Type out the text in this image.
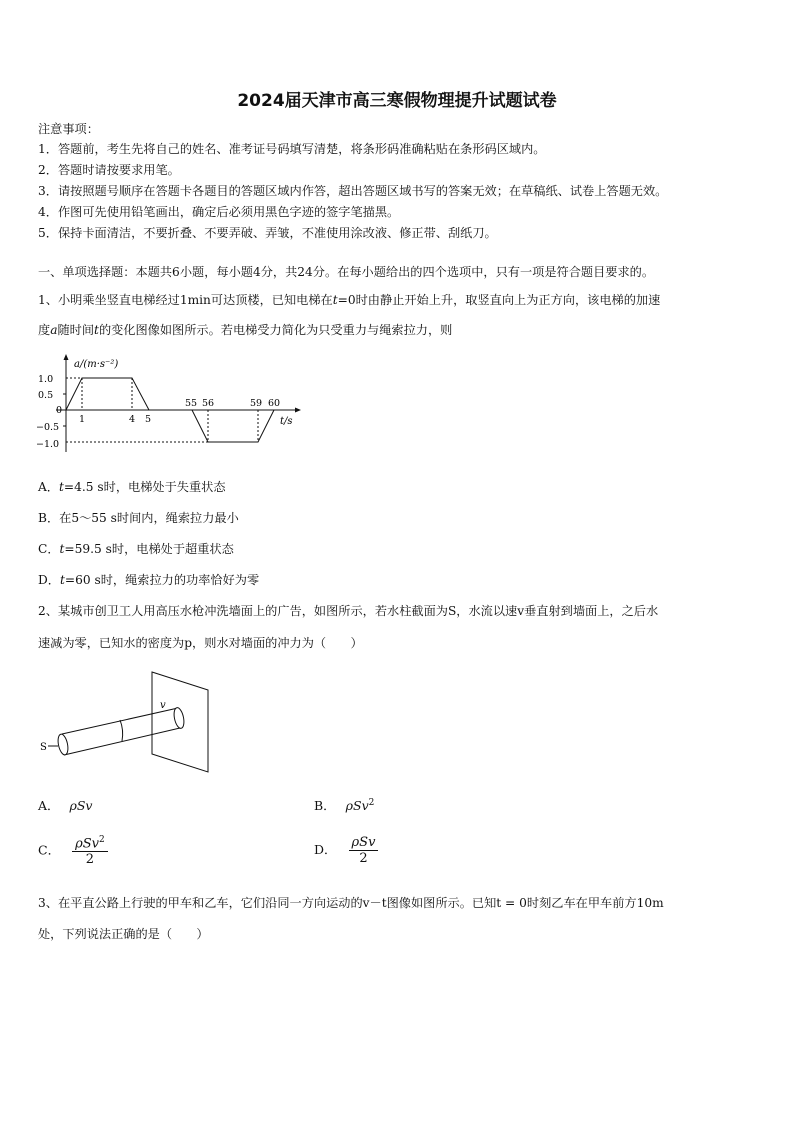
2024届天津市高三寒假物理提升试题试卷
注意事项：
1．答题前，考生先将自己的姓名、准考证号码填写清楚，将条形码准确粘贴在条形码区域内。
2．答题时请按要求用笔。
3．请按照题号顺序在答题卡各题目的答题区域内作答，超出答题区域书写的答案无效；在草稿纸、试卷上答题无效。
4．作图可先使用铅笔画出，确定后必须用黑色字迹的签字笔描黑。
5．保持卡面清洁，不要折叠、不要弄破、弄皱，不准使用涂改液、修正带、刮纸刀。
一、单项选择题：本题共6小题，每小题4分，共24分。在每小题给出的四个选项中，只有一项是符合题目要求的。
1、小明乘坐竖直电梯经过1min可达顶楼，已知电梯在t=0时由静止开始上升，取竖直向上为正方向，该电梯的加速
度a随时间t的变化图像如图所示。若电梯受力简化为只受重力与绳索拉力，则
a/(m·s⁻²)
t/s
1.0
0.5
0
−0.5
−1.0
1	4 5
55 56	59 60
A．t=4.5 s时，电梯处于失重状态
B．在5～55 s时间内，绳索拉力最小
C．t=59.5 s时，电梯处于超重状态
D．t=60 s时，绳索拉力的功率恰好为零
2、某城市创卫工人用高压水枪冲洗墙面上的广告，如图所示，若水柱截面为S，水流以速v垂直射到墙面上，之后水
速减为零，已知水的密度为p，则水对墙面的冲力为（　　）
S
v
A． ρSv	B． ρSv$^2$
C． $\frac{\rho Sv^2}{2}$	D． $\frac{\text{ρSv}}{2}$
3、在平直公路上行驶的甲车和乙车，它们沿同一方向运动的v－t图像如图所示。已知t = 0时刻乙车在甲车前方10m
处，下列说法正确的是（　　）
